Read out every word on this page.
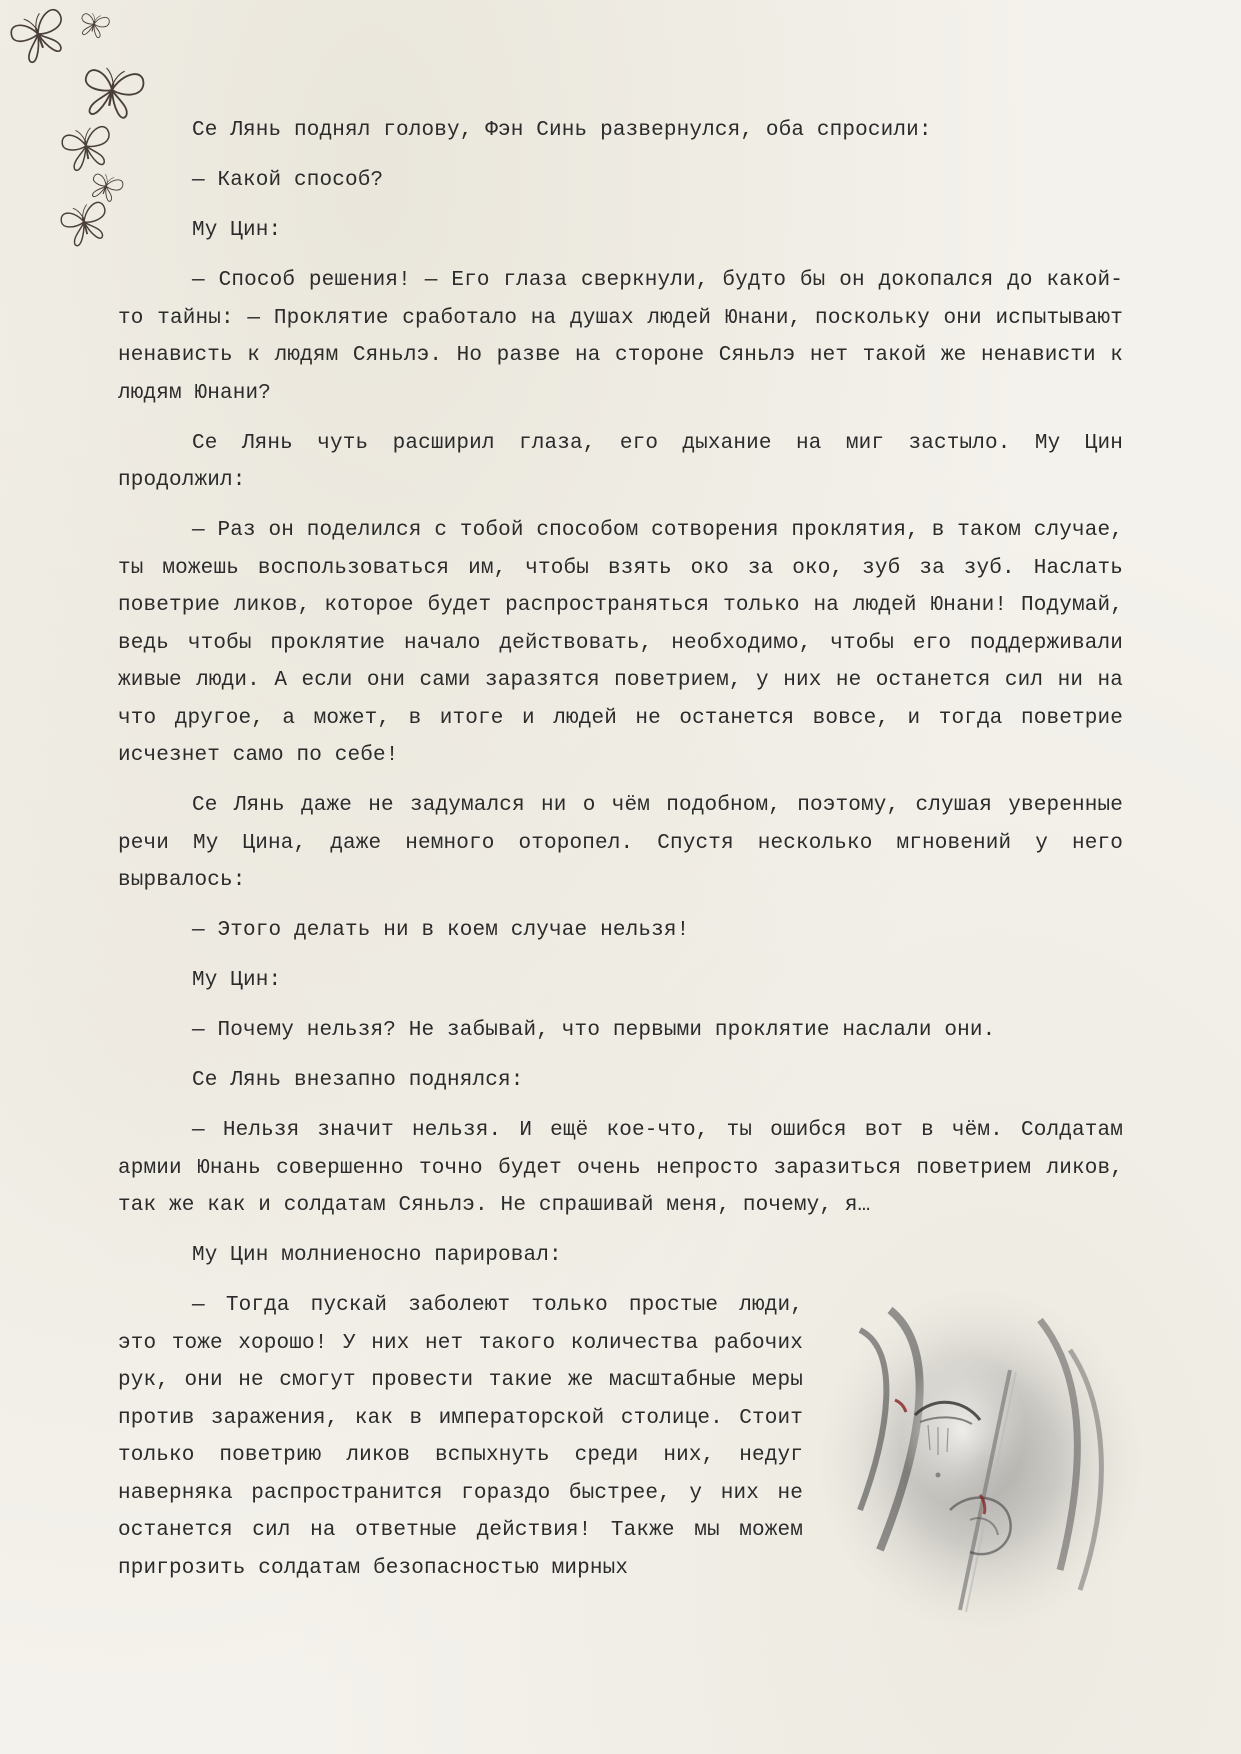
Се Лянь поднял голову, Фэн Синь развернулся, оба спросили:

— Какой способ?

Му Цин:

— Способ решения! — Его глаза сверкнули, будто бы он докопался до какой-то тайны: — Проклятие сработало на душах людей Юнани, поскольку они испытывают ненависть к людям Сяньлэ. Но разве на стороне Сяньлэ нет такой же ненависти к людям Юнани?

Се Лянь чуть расширил глаза, его дыхание на миг застыло. Му Цин продолжил:

— Раз он поделился с тобой способом сотворения проклятия, в таком случае, ты можешь воспользоваться им, чтобы взять око за око, зуб за зуб. Наслать поветрие ликов, которое будет распространяться только на людей Юнани! Подумай, ведь чтобы проклятие начало действовать, необходимо, чтобы его поддерживали живые люди. А если они сами заразятся поветрием, у них не останется сил ни на что другое, а может, в итоге и людей не останется вовсе, и тогда поветрие исчезнет само по себе!

Се Лянь даже не задумался ни о чём подобном, поэтому, слушая уверенные речи Му Цина, даже немного оторопел. Спустя несколько мгновений у него вырвалось:

— Этого делать ни в коем случае нельзя!

Му Цин:

— Почему нельзя? Не забывай, что первыми проклятие наслали они.

Се Лянь внезапно поднялся:

— Нельзя значит нельзя. И ещё кое-что, ты ошибся вот в чём. Солдатам армии Юнань совершенно точно будет очень непросто заразиться поветрием ликов, так же как и солдатам Сяньлэ. Не спрашивай меня, почему, я…

Му Цин молниеносно парировал:

— Тогда пускай заболеют только простые люди, это тоже хорошо! У них нет такого количества рабочих рук, они не смогут провести такие же масштабные меры против заражения, как в императорской столице. Стоит только поветрию ликов вспыхнуть среди них, недуг наверняка распространится гораздо быстрее, у них не останется сил на ответные действия! Также мы можем пригрозить солдатам безопасностью мирных
